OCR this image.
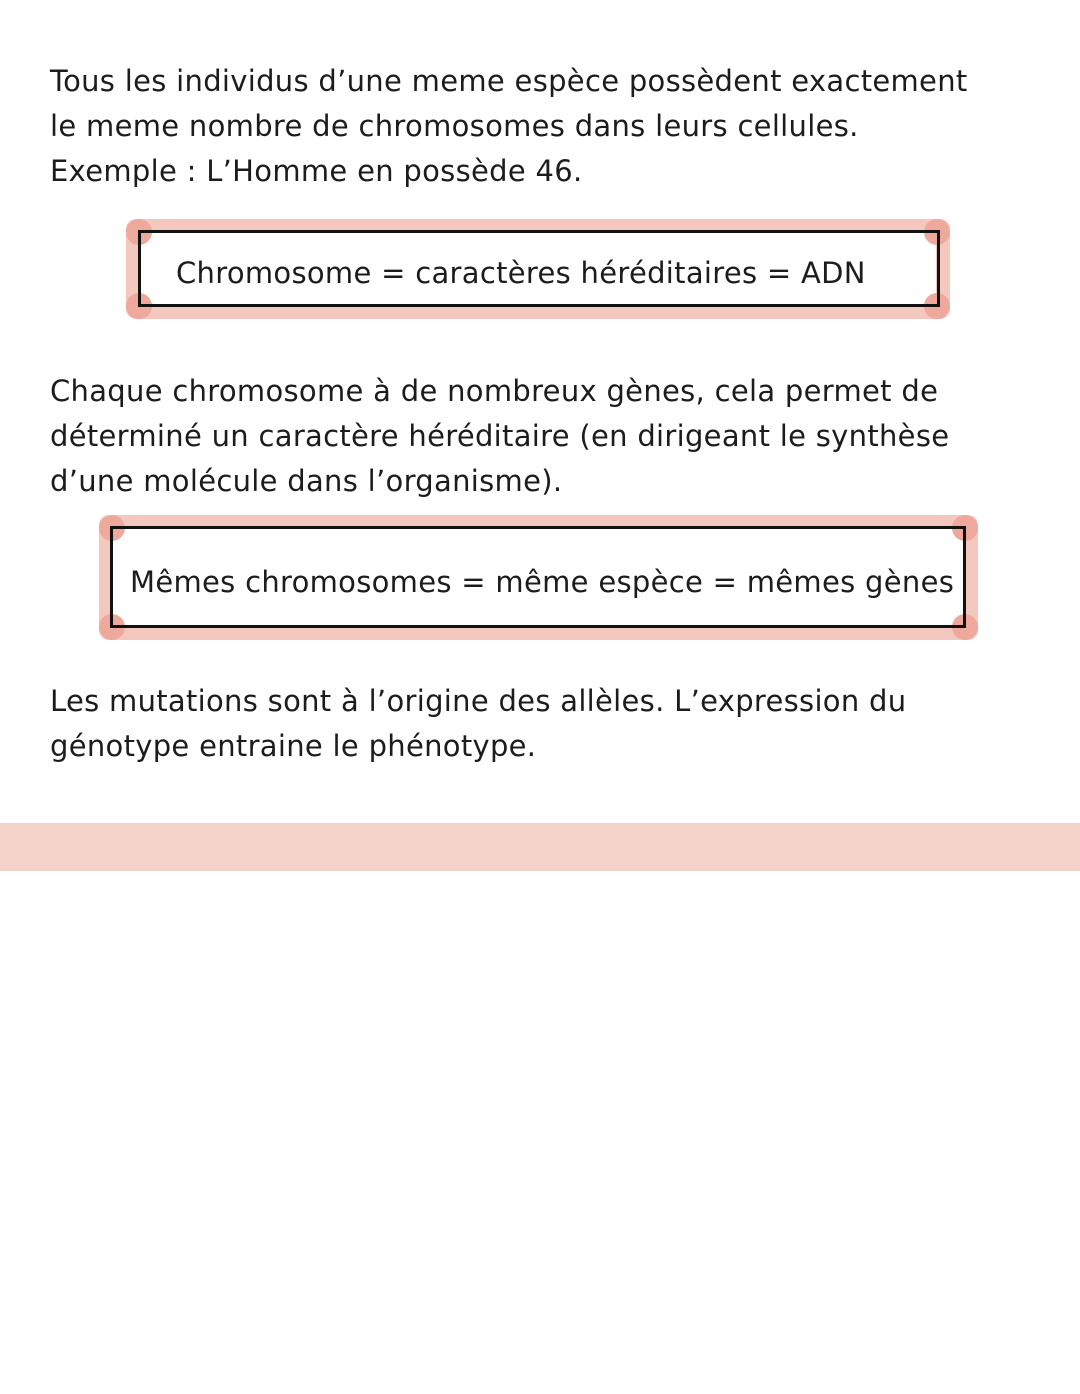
Tous les individus d’une meme espèce possèdent exactement
le meme nombre de chromosomes dans leurs cellules.
Exemple : L’Homme en possède 46.
Chromosome = caractères héréditaires = ADN
Chaque chromosome à de nombreux gènes, cela permet de
déterminé un caractère héréditaire (en dirigeant le synthèse
d’une molécule dans l’organisme).
Mêmes chromosomes = même espèce = mêmes gènes
Les mutations sont à l’origine des allèles. L’expression du
génotype entraine le phénotype.
